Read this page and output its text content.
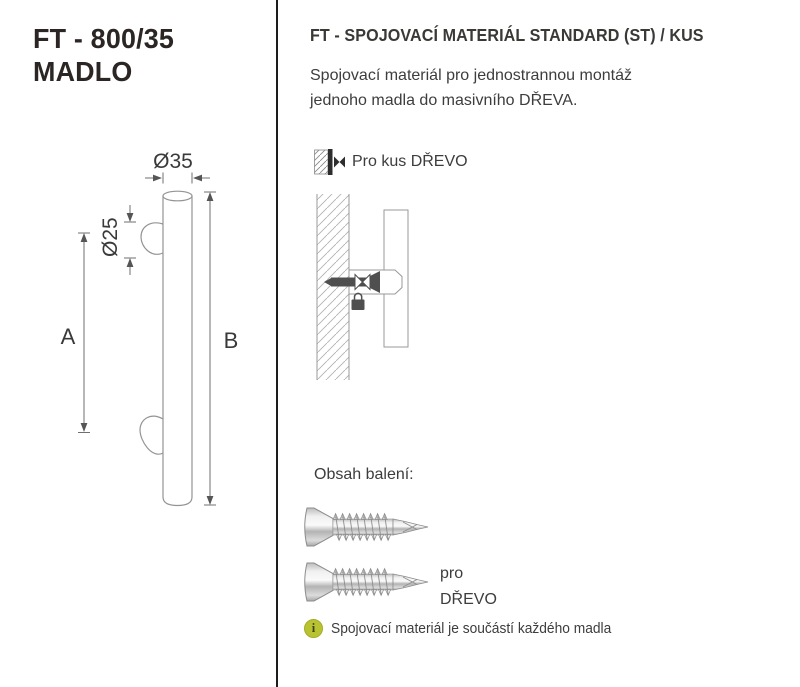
FT - 800/35
MADLO
Ø35
Ø25
A	B
FT - SPOJOVACÍ MATERIÁL STANDARD (ST) / KUS
Spojovací materiál pro jednostrannou montáž
jednoho madla do masivního DŘEVA.
Pro kus DŘEVO
Obsah balení:
pro
DŘEVO
i	Spojovací materiál je součástí každého madla
